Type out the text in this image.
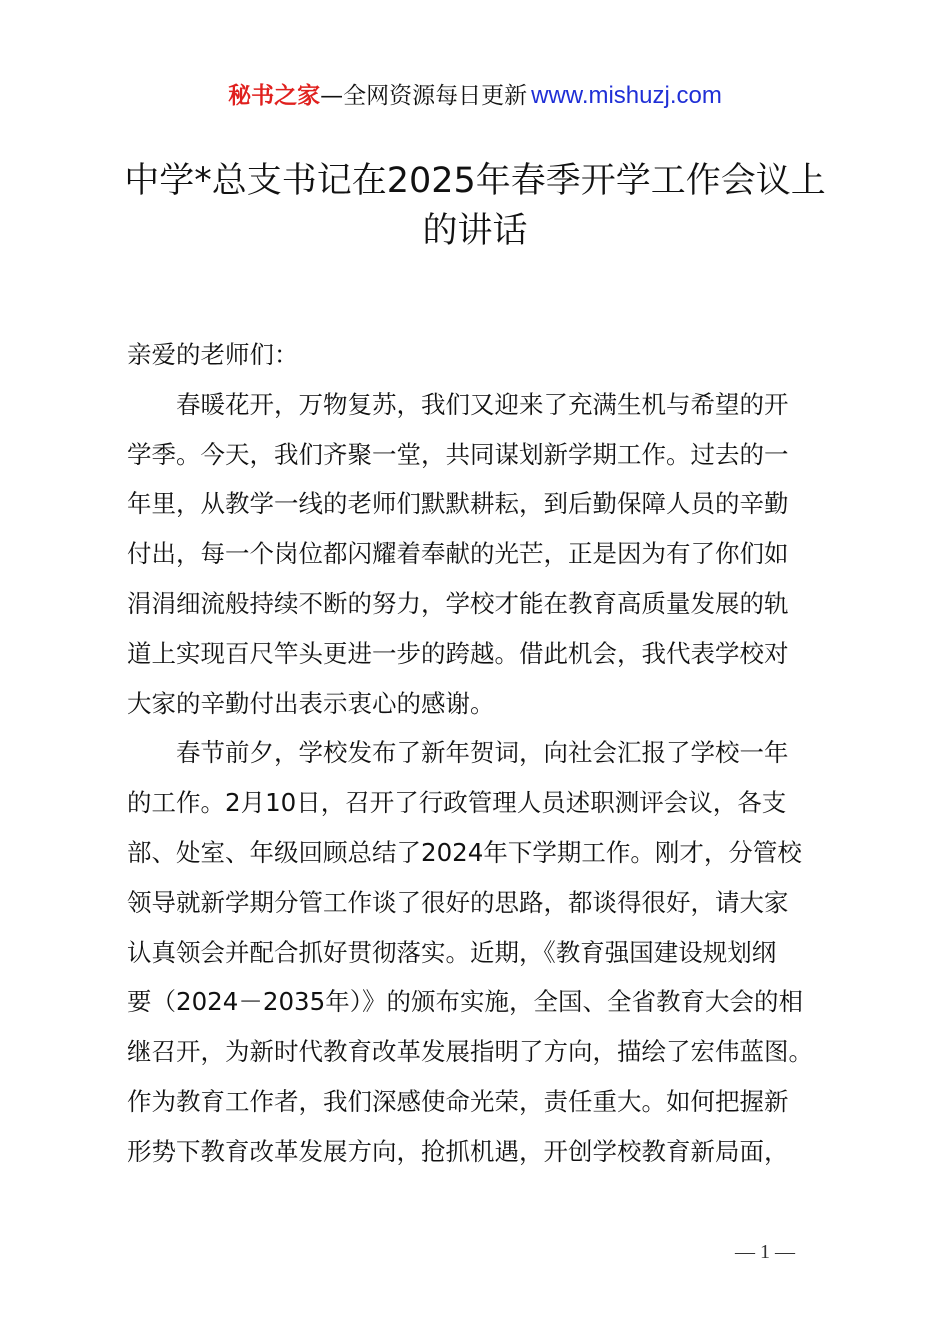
秘书之家—全网资源每日更新 www.mishuzj.com
中学*总支书记在2025年春季开学工作会议上
的讲话
亲爱的老师们：
春暖花开，万物复苏，我们又迎来了充满生机与希望的开
学季。今天，我们齐聚一堂，共同谋划新学期工作。过去的一
年里，从教学一线的老师们默默耕耘，到后勤保障人员的辛勤
付出，每一个岗位都闪耀着奉献的光芒，正是因为有了你们如
涓涓细流般持续不断的努力，学校才能在教育高质量发展的轨
道上实现百尺竿头更进一步的跨越。借此机会，我代表学校对
大家的辛勤付出表示衷心的感谢。
春节前夕，学校发布了新年贺词，向社会汇报了学校一年
的工作。2月10日，召开了行政管理人员述职测评会议，各支
部、处室、年级回顾总结了2024年下学期工作。刚才，分管校
领导就新学期分管工作谈了很好的思路，都谈得很好，请大家
认真领会并配合抓好贯彻落实。近期，《教育强国建设规划纲
要（2024－2035年）》的颁布实施，全国、全省教育大会的相
继召开，为新时代教育改革发展指明了方向，描绘了宏伟蓝图。
作为教育工作者，我们深感使命光荣，责任重大。如何把握新
形势下教育改革发展方向，抢抓机遇，开创学校教育新局面，
— 1 —
